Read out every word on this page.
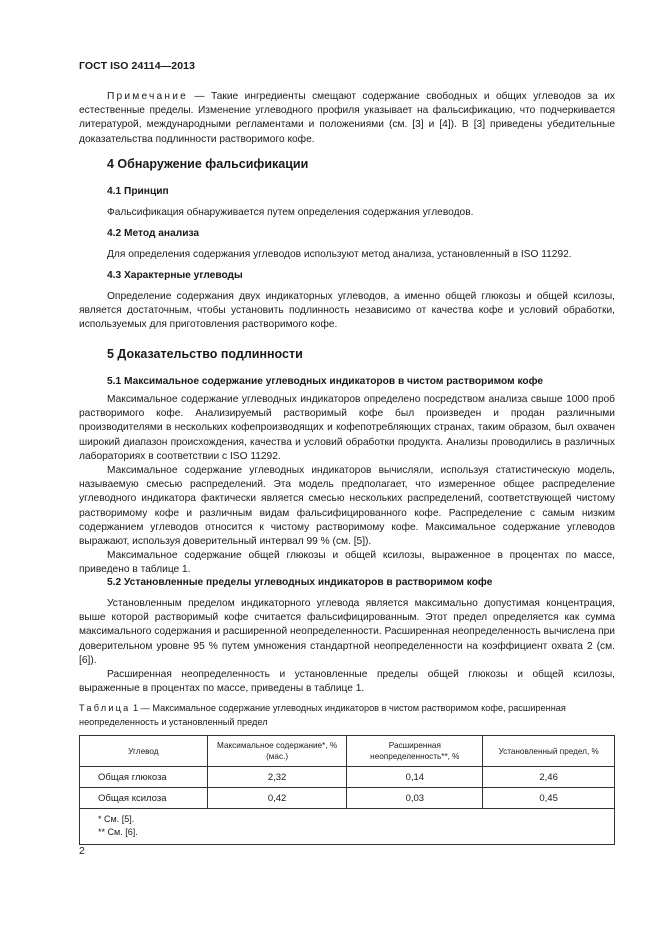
ГОСТ ISO 24114—2013

Примечание — Такие ингредиенты смещают содержание свободных и общих углеводов за их естественные пределы. Изменение углеводного профиля указывает на фальсификацию, что подчеркивается литературой, международными регламентами и положениями (см. [3] и [4]). В [3] приведены убедительные доказательства подлинности растворимого кофе.

4 Обнаружение фальсификации
4.1 Принцип

Фальсификация обнаруживается путем определения содержания углеводов.

4.2 Метод анализа

Для определения содержания углеводов используют метод анализа, установленный в ISO 11292.

4.3 Характерные углеводы

Определение содержания двух индикаторных углеводов, а именно общей глюкозы и общей ксилозы, является достаточным, чтобы установить подлинность независимо от качества кофе и условий обработки, используемых для приготовления растворимого кофе.

5 Доказательство подлинности
5.1 Максимальное содержание углеводных индикаторов в чистом растворимом кофе

Максимальное содержание углеводных индикаторов определено посредством анализа свыше 1000 проб растворимого кофе. Анализируемый растворимый кофе был произведен и продан различными производителями в нескольких кофепроизводящих и кофепотребляющих странах, таким образом, был охвачен широкий диапазон происхождения, качества и условий обработки продукта. Анализы проводились в различных лабораториях в соответствии с ISO 11292.

Максимальное содержание углеводных индикаторов вычисляли, используя статистическую модель, называемую смесью распределений. Эта модель предполагает, что измеренное общее распределение углеводного индикатора фактически является смесью нескольких распределений, соответствующей чистому растворимому кофе и различным видам фальсифицированного кофе. Распределение с самым низким содержанием углеводов относится к чистому растворимому кофе. Максимальное содержание углеводов выражают, используя доверительный интервал 99 % (см. [5]).

Максимальное содержание общей глюкозы и общей ксилозы, выраженное в процентах по массе, приведено в таблице 1.

5.2 Установленные пределы углеводных индикаторов в растворимом кофе

Установленным пределом индикаторного углевода является максимально допустимая концентрация, выше которой растворимый кофе считается фальсифицированным. Этот предел определяется как сумма максимального содержания и расширенной неопределенности. Расширенная неопределенность вычислена при доверительном уровне 95 % путем умножения стандартной неопределенности на коэффициент охвата 2 (см. [6]).

Расширенная неопределенность и установленные пределы общей глюкозы и общей ксилозы, выраженные в процентах по массе, приведены в таблице 1.

Таблица 1 — Максимальное содержание углеводных индикаторов в чистом растворимом кофе, расширенная неопределенность и установленный предел
Углевод	Максимальное содержание*, % (мас.)	Расширенная неопределенность**, %	Установленный предел, %
Общая глюкоза	2,32	0,14	2,46
Общая ксилоза	0,42	0,03	0,45

* См. [5].
** См. [6].			
2
